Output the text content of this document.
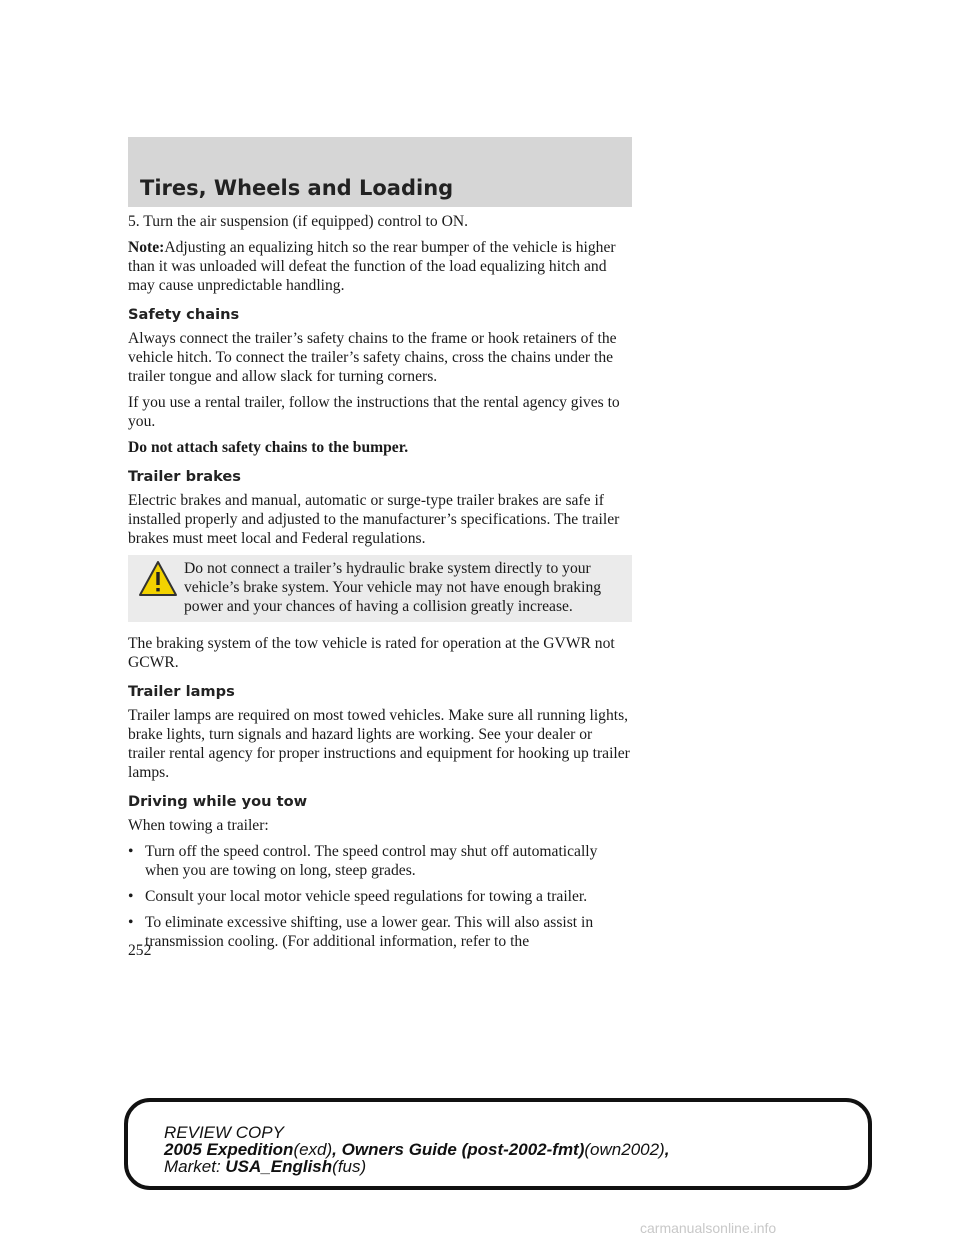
Tires, Wheels and Loading

5. Turn the air suspension (if equipped) control to ON.

Note:Adjusting an equalizing hitch so the rear bumper of the vehicle is higher than it was unloaded will defeat the function of the load equalizing hitch and may cause unpredictable handling.

Safety chains

Always connect the trailer’s safety chains to the frame or hook retainers of the vehicle hitch. To connect the trailer’s safety chains, cross the chains under the trailer tongue and allow slack for turning corners.

If you use a rental trailer, follow the instructions that the rental agency gives to you.

Do not attach safety chains to the bumper.

Trailer brakes

Electric brakes and manual, automatic or surge-type trailer brakes are safe if installed properly and adjusted to the manufacturer’s specifications. The trailer brakes must meet local and Federal regulations.

Do not connect a trailer’s hydraulic brake system directly to your vehicle’s brake system. Your vehicle may not have enough braking power and your chances of having a collision greatly increase.

The braking system of the tow vehicle is rated for operation at the GVWR not GCWR.

Trailer lamps

Trailer lamps are required on most towed vehicles. Make sure all running lights, brake lights, turn signals and hazard lights are working. See your dealer or trailer rental agency for proper instructions and equipment for hooking up trailer lamps.

Driving while you tow

When towing a trailer:

• Turn off the speed control. The speed control may shut off automatically when you are towing on long, steep grades.
• Consult your local motor vehicle speed regulations for towing a trailer.
• To eliminate excessive shifting, use a lower gear. This will also assist in transmission cooling. (For additional information, refer to the
252
REVIEW COPY
2005 Expedition(exd), Owners Guide (post-2002-fmt)(own2002),
Market: USA_English(fus)
carmanualsonline.info
